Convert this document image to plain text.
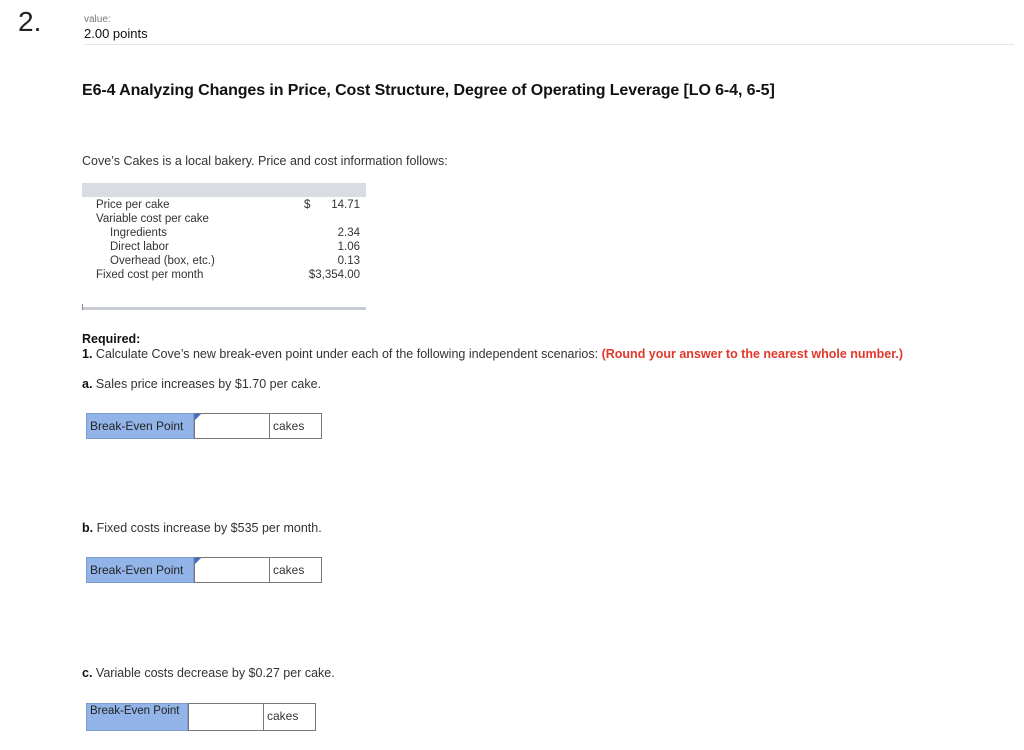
2.	value:
2.00 points
E6-4 Analyzing Changes in Price, Cost Structure, Degree of Operating Leverage [LO 6-4, 6-5]
Cove’s Cakes is a local bakery. Price and cost information follows:
Price per cake	$ 14.71
Variable cost per cake
Ingredients	2.34
Direct labor	1.06
Overhead (box, etc.)	0.13
Fixed cost per month	$3,354.00
Required:
1. Calculate Cove’s new break-even point under each of the following independent scenarios: (Round your answer to the nearest whole number.)
a. Sales price increases by $1.70 per cake.
Break-Even Point	cakes
b. Fixed costs increase by $535 per month.
Break-Even Point	cakes
c. Variable costs decrease by $0.27 per cake.
Break-Even Point	cakes
